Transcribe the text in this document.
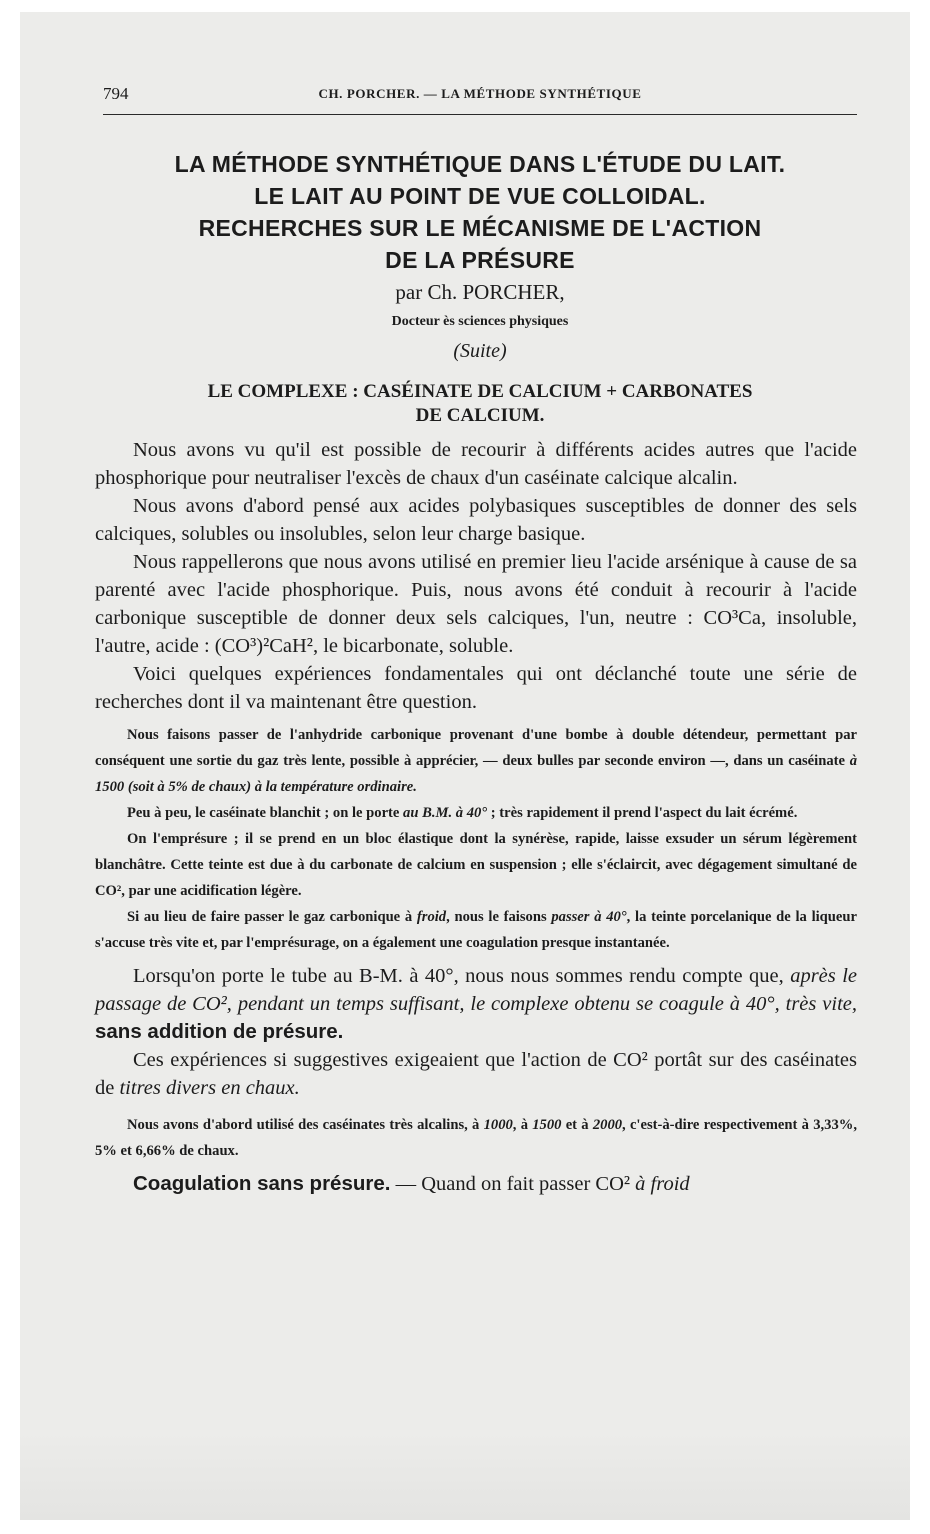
794	CH. PORCHER. — LA MÉTHODE SYNTHÉTIQUE
LA MÉTHODE SYNTHÉTIQUE DANS L'ÉTUDE DU LAIT.
LE LAIT AU POINT DE VUE COLLOIDAL.
RECHERCHES SUR LE MÉCANISME DE L'ACTION
DE LA PRÉSURE
par Ch. PORCHER,
Docteur ès sciences physiques
(Suite)
LE COMPLEXE : CASÉINATE DE CALCIUM + CARBONATES
DE CALCIUM.

Nous avons vu qu'il est possible de recourir à différents acides autres que l'acide phosphorique pour neutraliser l'excès de chaux d'un caséinate calcique alcalin.

Nous avons d'abord pensé aux acides polybasiques susceptibles de donner des sels calciques, solubles ou insolubles, selon leur charge basique.

Nous rappellerons que nous avons utilisé en premier lieu l'acide arsénique à cause de sa parenté avec l'acide phosphorique. Puis, nous avons été conduit à recourir à l'acide carbonique susceptible de donner deux sels calciques, l'un, neutre : CO³Ca, insoluble, l'autre, acide : (CO³)²CaH², le bicarbonate, soluble.

Voici quelques expériences fondamentales qui ont déclanché toute une série de recherches dont il va maintenant être question.

Nous faisons passer de l'anhydride carbonique provenant d'une bombe à double détendeur, permettant par conséquent une sortie du gaz très lente, possible à apprécier, — deux bulles par seconde environ —, dans un caséinate à 1500 (soit à 5% de chaux) à la température ordinaire.

Peu à peu, le caséinate blanchit ; on le porte au B.M. à 40° ; très rapidement il prend l'aspect du lait écrémé.

On l'emprésure ; il se prend en un bloc élastique dont la synérèse, rapide, laisse exsuder un sérum légèrement blanchâtre. Cette teinte est due à du carbonate de calcium en suspension ; elle s'éclaircit, avec dégagement simultané de CO², par une acidification légère.

Si au lieu de faire passer le gaz carbonique à froid, nous le faisons passer à 40°, la teinte porcelanique de la liqueur s'accuse très vite et, par l'emprésurage, on a également une coagulation presque instantanée.

Lorsqu'on porte le tube au B-M. à 40°, nous nous sommes rendu compte que, après le passage de CO², pendant un temps suffisant, le complexe obtenu se coagule à 40°, très vite, sans addition de présure.

Ces expériences si suggestives exigeaient que l'action de CO² portât sur des caséinates de titres divers en chaux.

Nous avons d'abord utilisé des caséinates très alcalins, à 1000, à 1500 et à 2000, c'est-à-dire respectivement à 3,33%, 5% et 6,66% de chaux.

Coagulation sans présure. — Quand on fait passer CO² à froid
